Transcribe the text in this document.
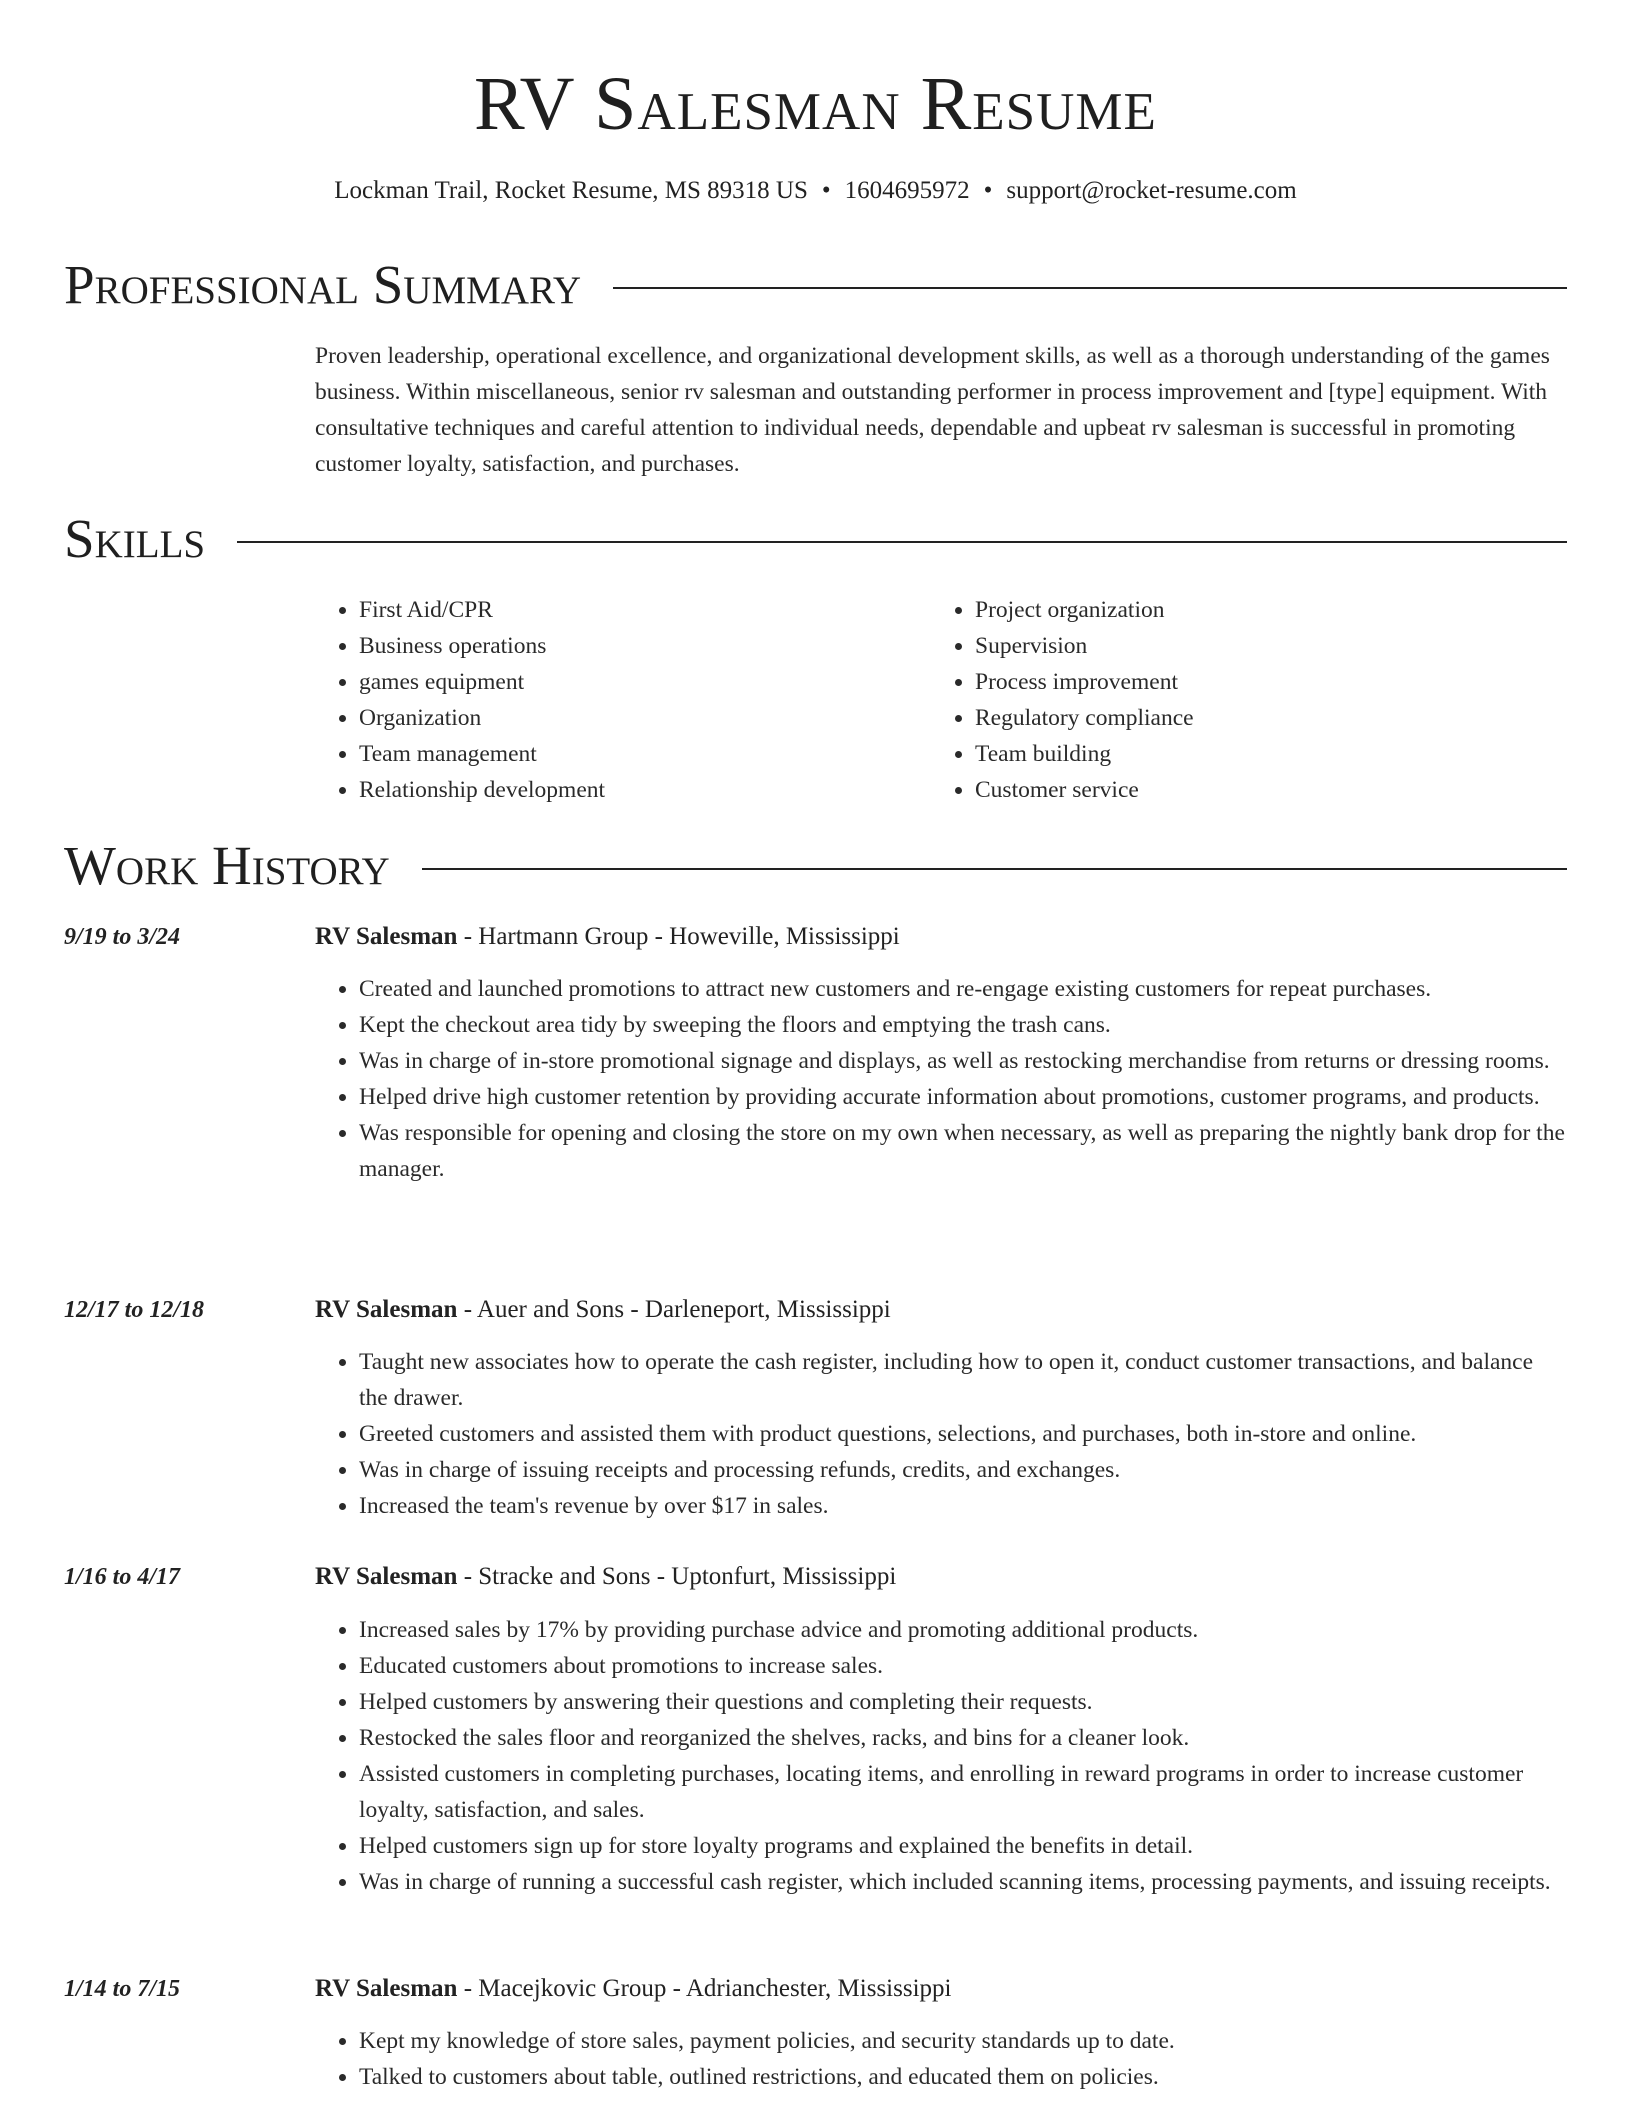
RV Salesman Resume
Lockman Trail, Rocket Resume, MS 89318 US • 1604695972 • support@rocket-resume.com
Professional Summary
Proven leadership, operational excellence, and organizational development skills, as well as a thorough understanding of the games business. Within miscellaneous, senior rv salesman and outstanding performer in process improvement and [type] equipment. With consultative techniques and careful attention to individual needs, dependable and upbeat rv salesman is successful in promoting customer loyalty, satisfaction, and purchases.
Skills
• First Aid/CPR
• Business operations
• games equipment
• Organization
• Team management
• Relationship development
• Project organization
• Supervision
• Process improvement
• Regulatory compliance
• Team building
• Customer service
Work History
9/19 to 3/24	RV Salesman - Hartmann Group - Howeville, Mississippi
• Created and launched promotions to attract new customers and re-engage existing customers for repeat purchases.
• Kept the checkout area tidy by sweeping the floors and emptying the trash cans.
• Was in charge of in-store promotional signage and displays, as well as restocking merchandise from returns or dressing rooms.
• Helped drive high customer retention by providing accurate information about promotions, customer programs, and products.
• Was responsible for opening and closing the store on my own when necessary, as well as preparing the nightly bank drop for the manager.
12/17 to 12/18	RV Salesman - Auer and Sons - Darleneport, Mississippi
• Taught new associates how to operate the cash register, including how to open it, conduct customer transactions, and balance the drawer.
• Greeted customers and assisted them with product questions, selections, and purchases, both in-store and online.
• Was in charge of issuing receipts and processing refunds, credits, and exchanges.
• Increased the team's revenue by over $17 in sales.
1/16 to 4/17	RV Salesman - Stracke and Sons - Uptonfurt, Mississippi
• Increased sales by 17% by providing purchase advice and promoting additional products.
• Educated customers about promotions to increase sales.
• Helped customers by answering their questions and completing their requests.
• Restocked the sales floor and reorganized the shelves, racks, and bins for a cleaner look.
• Assisted customers in completing purchases, locating items, and enrolling in reward programs in order to increase customer loyalty, satisfaction, and sales.
• Helped customers sign up for store loyalty programs and explained the benefits in detail.
• Was in charge of running a successful cash register, which included scanning items, processing payments, and issuing receipts.
1/14 to 7/15	RV Salesman - Macejkovic Group - Adrianchester, Mississippi
• Kept my knowledge of store sales, payment policies, and security standards up to date.
• Talked to customers about table, outlined restrictions, and educated them on policies.
